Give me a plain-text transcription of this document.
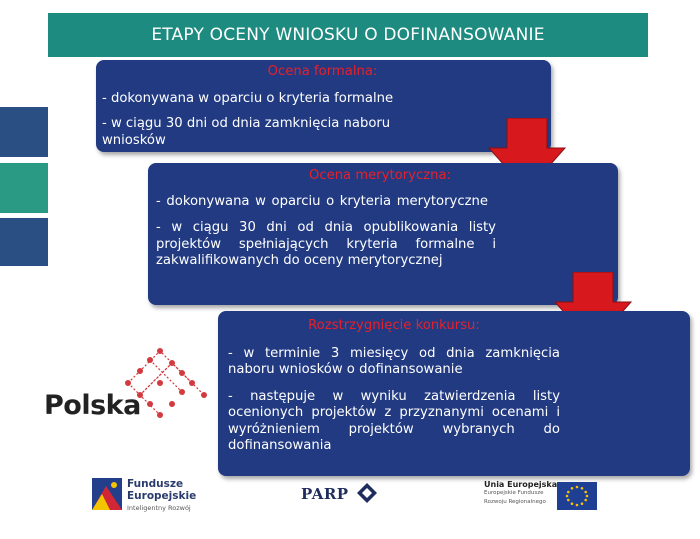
ETAPY OCENY WNIOSKU O DOFINANSOWANIE
Ocena formalna:

- dokonywana w oparciu o kryteria formalne

- w ciągu 30 dni od dnia zamknięcia naboru wniosków

Ocena merytoryczna:

- dokonywana w oparciu o kryteria merytoryczne

- w ciągu 30 dni od dnia opublikowania listy projektów spełniających kryteria formalne i zakwalifikowanych do oceny merytorycznej

Rozstrzygnięcie konkursu:

- w terminie 3 miesięcy od dnia zamknięcia naboru wniosków o dofinansowanie

- następuje w wyniku zatwierdzenia listy ocenionych projektów z przyznanymi ocenami i wyróżnieniem projektów wybranych do dofinansowania

Polska
Fundusze
Europejskie
Inteligentny Rozwój
PARP
Unia Europejska
Europejskie Fundusze
Rozwoju Regionalnego
